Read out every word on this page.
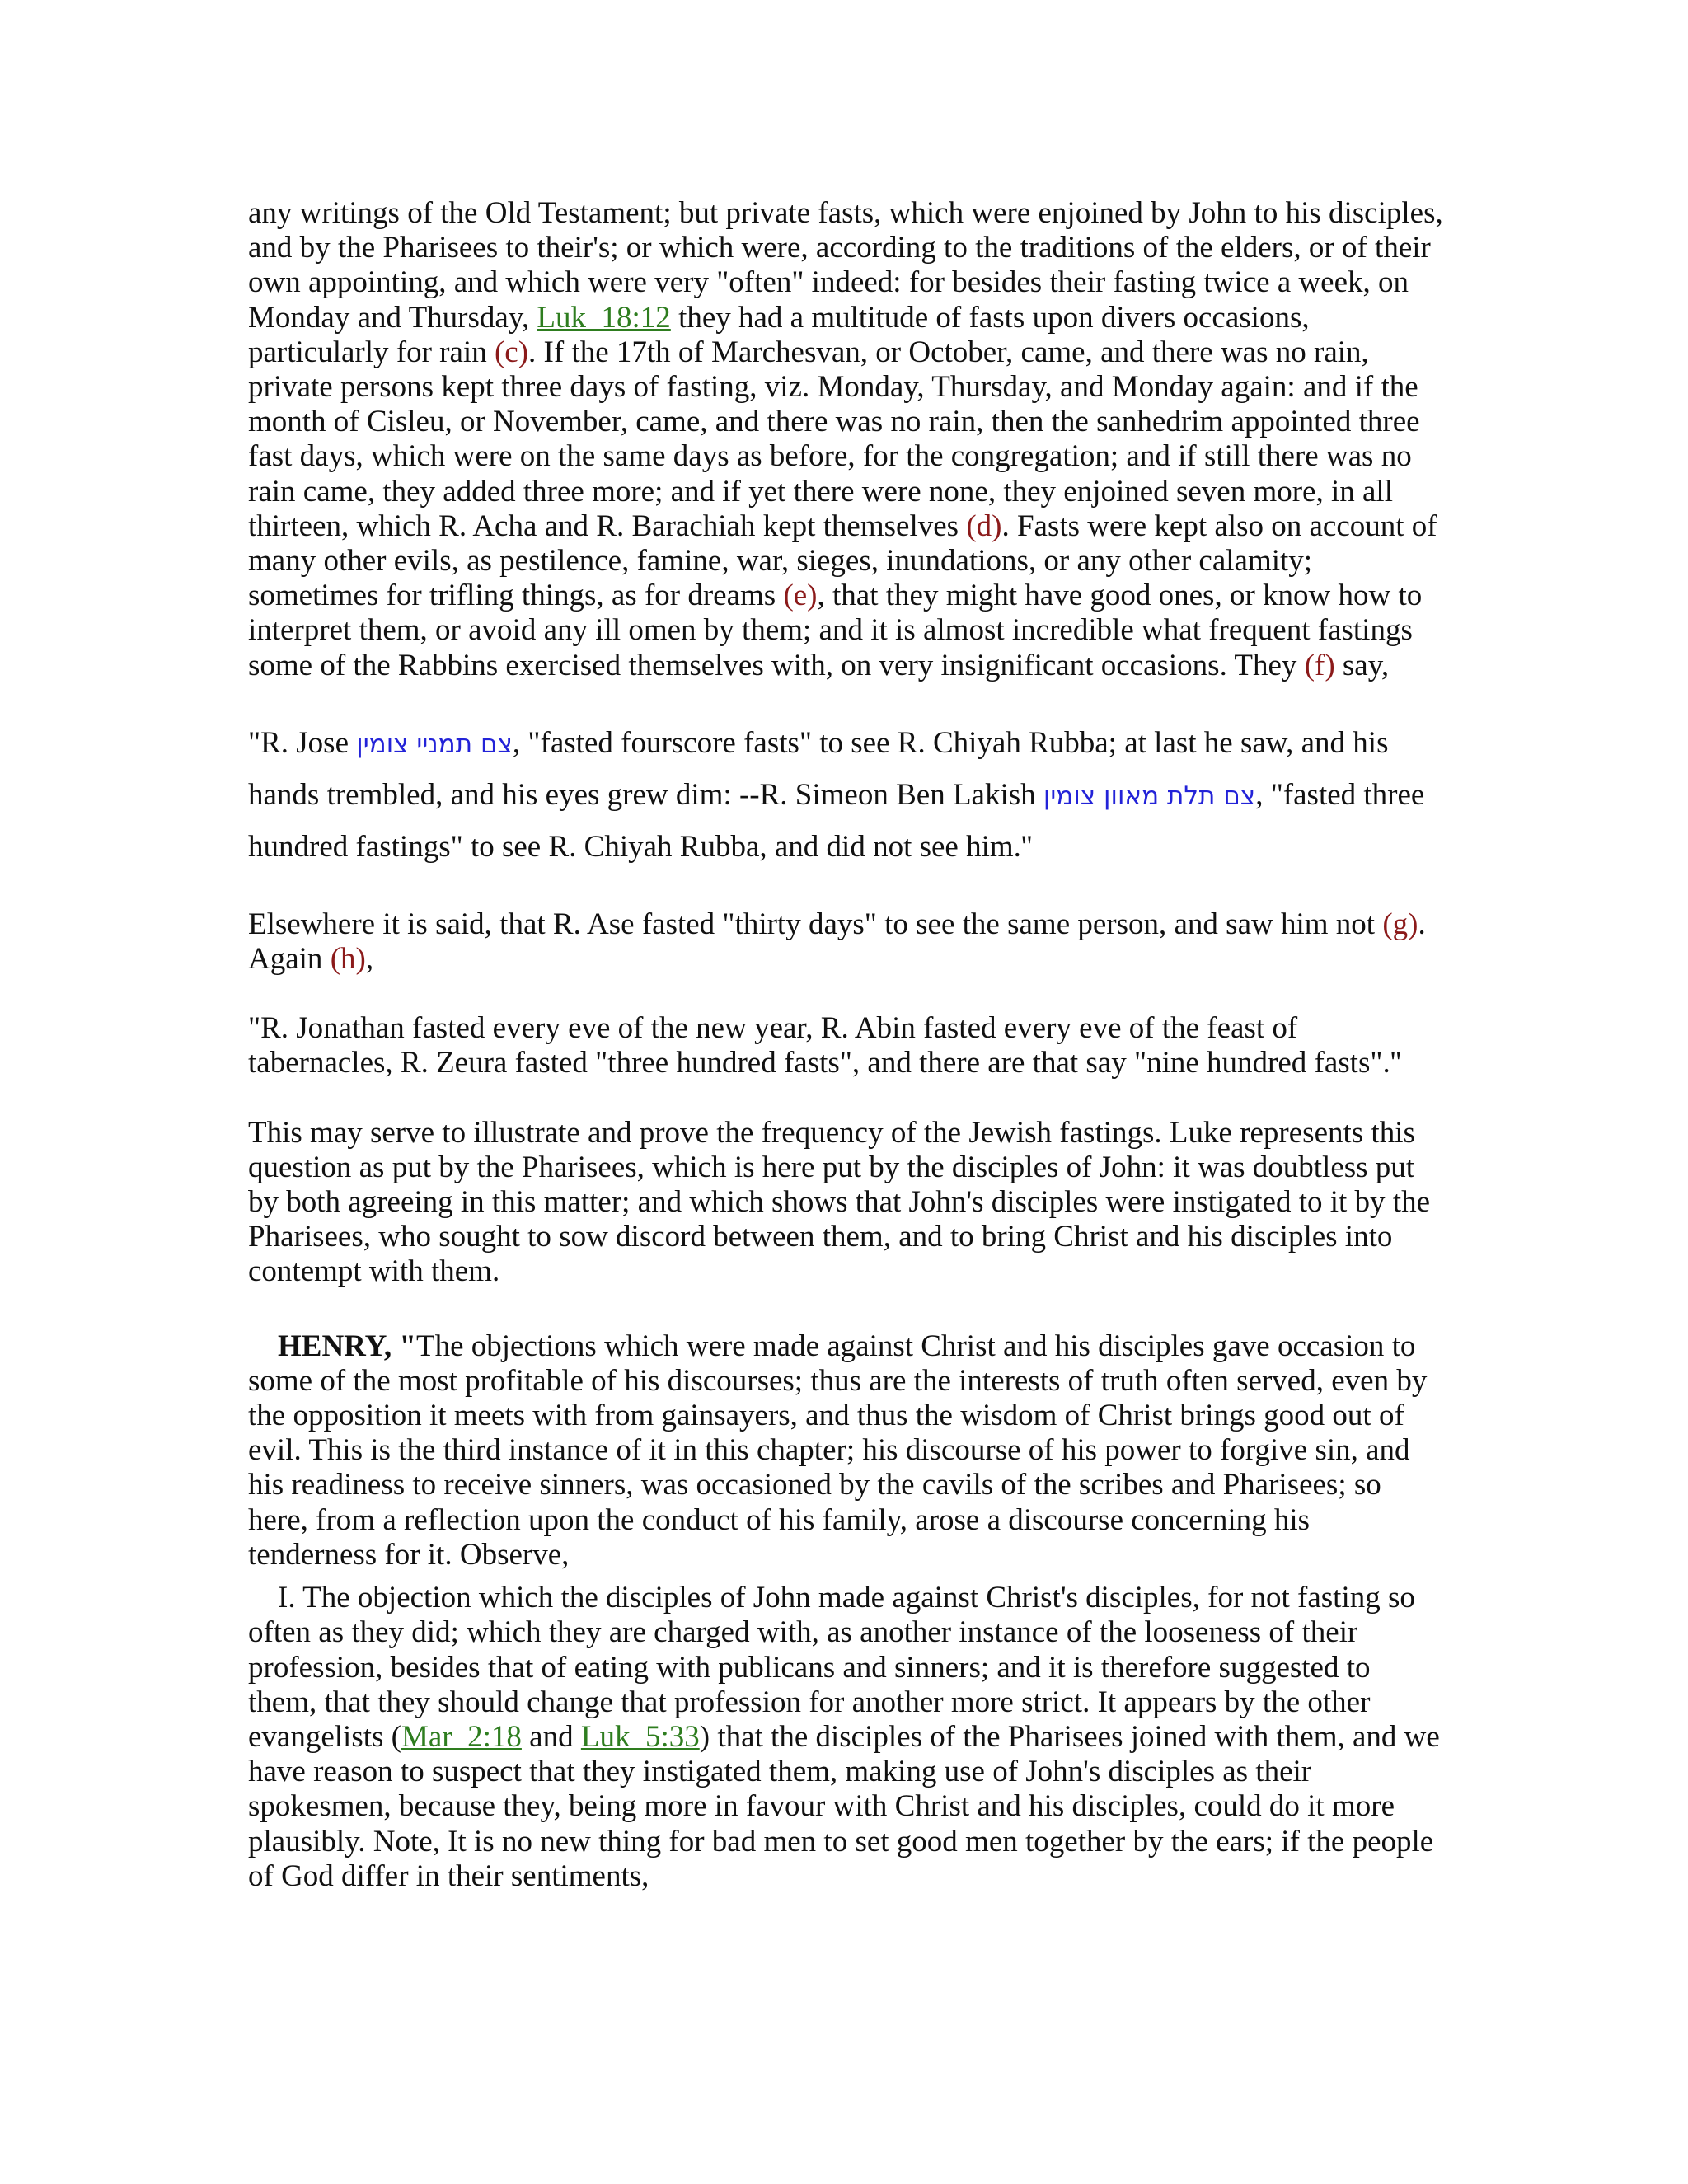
any writings of the Old Testament; but private fasts, which were enjoined by John to his disciples, and by the Pharisees to their's; or which were, according to the traditions of the elders, or of their own appointing, and which were very "often" indeed: for besides their fasting twice a week, on Monday and Thursday, Luk_18:12 they had a multitude of fasts upon divers occasions, particularly for rain (c). If the 17th of Marchesvan, or October, came, and there was no rain, private persons kept three days of fasting, viz. Monday, Thursday, and Monday again: and if the month of Cisleu, or November, came, and there was no rain, then the sanhedrim appointed three fast days, which were on the same days as before, for the congregation; and if still there was no rain came, they added three more; and if yet there were none, they enjoined seven more, in all thirteen, which R. Acha and R. Barachiah kept themselves (d). Fasts were kept also on account of many other evils, as pestilence, famine, war, sieges, inundations, or any other calamity; sometimes for trifling things, as for dreams (e), that they might have good ones, or know how to interpret them, or avoid any ill omen by them; and it is almost incredible what frequent fastings some of the Rabbins exercised themselves with, on very insignificant occasions. They (f) say,

"R. Jose צם תמניי צומין, "fasted fourscore fasts" to see R. Chiyah Rubba; at last he saw, and his hands trembled, and his eyes grew dim: --R. Simeon Ben Lakish צם תלת מאוון צומין, "fasted three hundred fastings" to see R. Chiyah Rubba, and did not see him.''

Elsewhere it is said, that R. Ase fasted "thirty days" to see the same person, and saw him not (g). Again (h),

"R. Jonathan fasted every eve of the new year, R. Abin fasted every eve of the feast of tabernacles, R. Zeura fasted "three hundred fasts", and there are that say "nine hundred fasts".''

This may serve to illustrate and prove the frequency of the Jewish fastings. Luke represents this question as put by the Pharisees, which is here put by the disciples of John: it was doubtless put by both agreeing in this matter; and which shows that John's disciples were instigated to it by the Pharisees, who sought to sow discord between them, and to bring Christ and his disciples into contempt with them.

HENRY, "The objections which were made against Christ and his disciples gave occasion to some of the most profitable of his discourses; thus are the interests of truth often served, even by the opposition it meets with from gainsayers, and thus the wisdom of Christ brings good out of evil. This is the third instance of it in this chapter; his discourse of his power to forgive sin, and his readiness to receive sinners, was occasioned by the cavils of the scribes and Pharisees; so here, from a reflection upon the conduct of his family, arose a discourse concerning his tenderness for it. Observe,

I. The objection which the disciples of John made against Christ's disciples, for not fasting so often as they did; which they are charged with, as another instance of the looseness of their profession, besides that of eating with publicans and sinners; and it is therefore suggested to them, that they should change that profession for another more strict. It appears by the other evangelists (Mar_2:18 and Luk_5:33) that the disciples of the Pharisees joined with them, and we have reason to suspect that they instigated them, making use of John's disciples as their spokesmen, because they, being more in favour with Christ and his disciples, could do it more plausibly. Note, It is no new thing for bad men to set good men together by the ears; if the people of God differ in their sentiments,
